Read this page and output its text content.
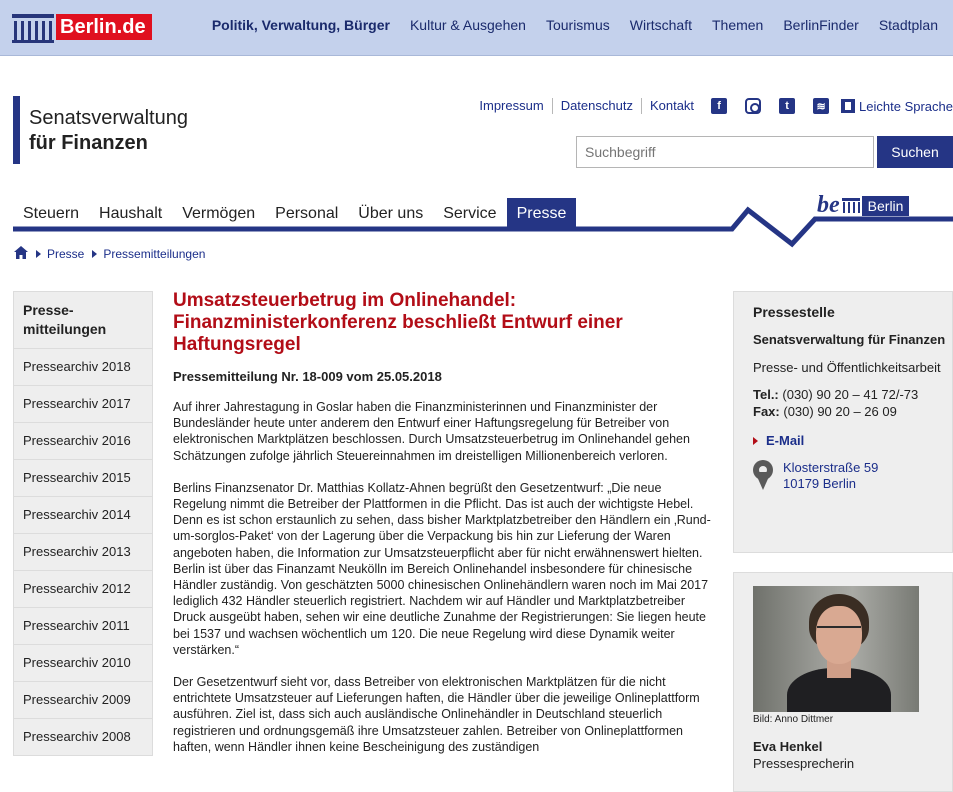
Berlin.de	Politik, Verwaltung, Bürger Kultur & Ausgehen Tourismus Wirtschaft Themen BerlinFinder Stadtplan
Senatsverwaltung
für Finanzen
Impressum	Datenschutz	Kontakt	f	t	≋	Leichte Sprache
Suchbegriff
Suchen
be	Berlin
Steuern	Haushalt	Vermögen	Personal	Über uns	Service	Presse
Presse Pressemitteilungen
Presse-
mitteilungen
Pressearchiv 2018
Pressearchiv 2017
Pressearchiv 2016
Pressearchiv 2015
Pressearchiv 2014
Pressearchiv 2013
Pressearchiv 2012
Pressearchiv 2011
Pressearchiv 2010
Pressearchiv 2009
Pressearchiv 2008
Umsatzsteuerbetrug im Onlinehandel: Finanzministerkonferenz beschließt Entwurf einer Haftungsregel
Pressemitteilung Nr. 18-009 vom 25.05.2018

Auf ihrer Jahrestagung in Goslar haben die Finanzministerinnen und Finanzminister der Bundesländer heute unter anderem den Entwurf einer Haftungsregelung für Betreiber von elektronischen Marktplätzen beschlossen. Durch Umsatzsteuerbetrug im Onlinehandel gehen Schätzungen zufolge jährlich Steuereinnahmen im dreistelligen Millionenbereich verloren.

Berlins Finanzsenator Dr. Matthias Kollatz-Ahnen begrüßt den Gesetzentwurf: „Die neue Regelung nimmt die Betreiber der Plattformen in die Pflicht. Das ist auch der wichtigste Hebel. Denn es ist schon erstaunlich zu sehen, dass bisher Marktplatzbetreiber den Händlern ein ‚Rund-um-sorglos-Paket‘ von der Lagerung über die Verpackung bis hin zur Lieferung der Waren angeboten haben, die Information zur Umsatzsteuerpflicht aber für nicht erwähnenswert hielten. Berlin ist über das Finanzamt Neukölln im Bereich Onlinehandel insbesondere für chinesische Händler zuständig. Von geschätzten 5000 chinesischen Onlinehändlern waren noch im Mai 2017 lediglich 432 Händler steuerlich registriert. Nachdem wir auf Händler und Marktplatzbetreiber Druck ausgeübt haben, sehen wir eine deutliche Zunahme der Registrierungen: Sie liegen heute bei 1537 und wachsen wöchentlich um 120. Die neue Regelung wird diese Dynamik weiter verstärken.“

Der Gesetzentwurf sieht vor, dass Betreiber von elektronischen Marktplätzen für die nicht entrichtete Umsatzsteuer auf Lieferungen haften, die Händler über die jeweilige Onlineplattform ausführen. Ziel ist, dass sich auch ausländische Onlinehändler in Deutschland steuerlich registrieren und ordnungsgemäß ihre Umsatzsteuer zahlen. Betreiber von Onlineplattformen haften, wenn Händler ihnen keine Bescheinigung des zuständigen

Pressestelle
Senatsverwaltung für Finanzen
Presse- und Öffentlichkeitsarbeit
Tel.: (030) 90 20 – 41 72/-73
Fax: (030) 90 20 – 26 09
E-Mail
Klosterstraße 59
10179 Berlin
Bild: Anno Dittmer
Eva Henkel
Pressesprecherin
